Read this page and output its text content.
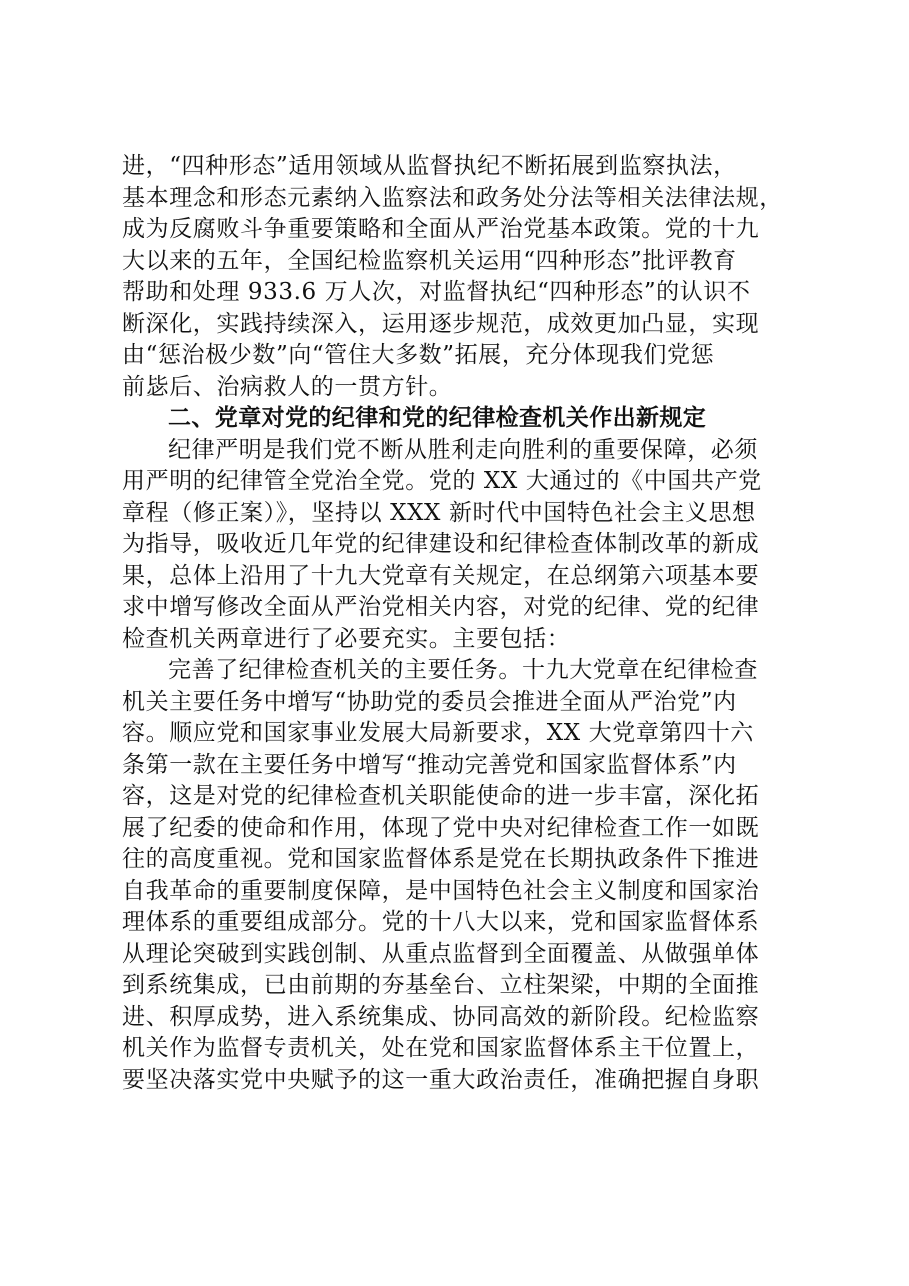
进，“四种形态”适用领域从监督执纪不断拓展到监察执法，
基本理念和形态元素纳入监察法和政务处分法等相关法律法规，
成为反腐败斗争重要策略和全面从严治党基本政策。党的十九
大以来的五年，全国纪检监察机关运用“四种形态”批评教育
帮助和处理 933.6 万人次，对监督执纪“四种形态”的认识不
断深化，实践持续深入，运用逐步规范，成效更加凸显，实现
由“惩治极少数”向“管住大多数”拓展，充分体现我们党惩
前毖后、治病救人的一贯方针。
二、党章对党的纪律和党的纪律检查机关作出新规定
纪律严明是我们党不断从胜利走向胜利的重要保障，必须
用严明的纪律管全党治全党。党的 XX 大通过的《中国共产党
章程（修正案）》，坚持以 XXX 新时代中国特色社会主义思想
为指导，吸收近几年党的纪律建设和纪律检查体制改革的新成
果，总体上沿用了十九大党章有关规定，在总纲第六项基本要
求中增写修改全面从严治党相关内容，对党的纪律、党的纪律
检查机关两章进行了必要充实。主要包括：
完善了纪律检查机关的主要任务。十九大党章在纪律检查
机关主要任务中增写“协助党的委员会推进全面从严治党”内
容。顺应党和国家事业发展大局新要求，XX 大党章第四十六
条第一款在主要任务中增写“推动完善党和国家监督体系”内
容，这是对党的纪律检查机关职能使命的进一步丰富，深化拓
展了纪委的使命和作用，体现了党中央对纪律检查工作一如既
往的高度重视。党和国家监督体系是党在长期执政条件下推进
自我革命的重要制度保障，是中国特色社会主义制度和国家治
理体系的重要组成部分。党的十八大以来，党和国家监督体系
从理论突破到实践创制、从重点监督到全面覆盖、从做强单体
到系统集成，已由前期的夯基垒台、立柱架梁，中期的全面推
进、积厚成势，进入系统集成、协同高效的新阶段。纪检监察
机关作为监督专责机关，处在党和国家监督体系主干位置上，
要坚决落实党中央赋予的这一重大政治责任，准确把握自身职
